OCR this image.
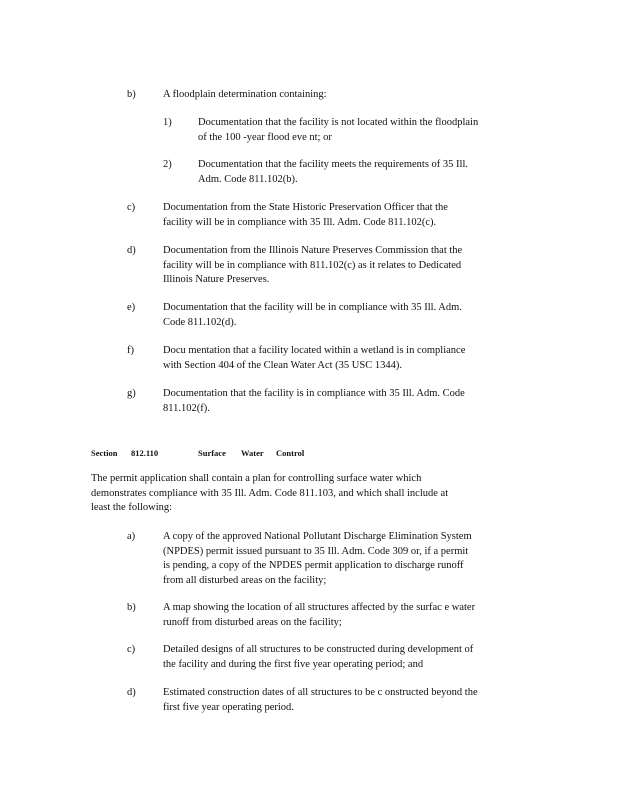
b)	A floodplain determination containing:
1)	Documentation that the facility is not located within the floodplain
of the 100 -year flood eve nt; or
2)	Documentation that the facility meets the requirements of 35 Ill.
Adm. Code 811.102(b).
c)	Documentation from the State Historic Preservation Officer that the
facility will be in compliance with 35 Ill. Adm. Code 811.102(c).
d)	Documentation from the Illinois Nature Preserves Commission that the
facility will be in compliance with 811.102(c) as it relates to Dedicated
Illinois Nature Preserves.
e)	Documentation that the facility will be in compliance with 35 Ill. Adm.
Code 811.102(d).
f)	Docu mentation that a facility located within a wetland is in compliance
with Section 404 of the Clean Water Act (35 USC 1344).
g)	Documentation that the facility is in compliance with 35 Ill. Adm. Code
811.102(f).
Section 812.110	Surface Water Control
The permit application shall contain a plan for controlling surface water which
demonstrates compliance with 35 Ill. Adm. Code 811.103, and which shall include at
least the following:
a)	A copy of the approved National Pollutant Discharge Elimination System
(NPDES) permit issued pursuant to 35 Ill. Adm. Code 309 or, if a permit
is pending, a copy of the NPDES permit application to discharge runoff
from all disturbed areas on the facility;
b)	A map showing the location of all structures affected by the surfac e water
runoff from disturbed areas on the facility;
c)	Detailed designs of all structures to be constructed during development of
the facility and during the first five year operating period; and
d)	Estimated construction dates of all structures to be c onstructed beyond the
first five year operating period.
